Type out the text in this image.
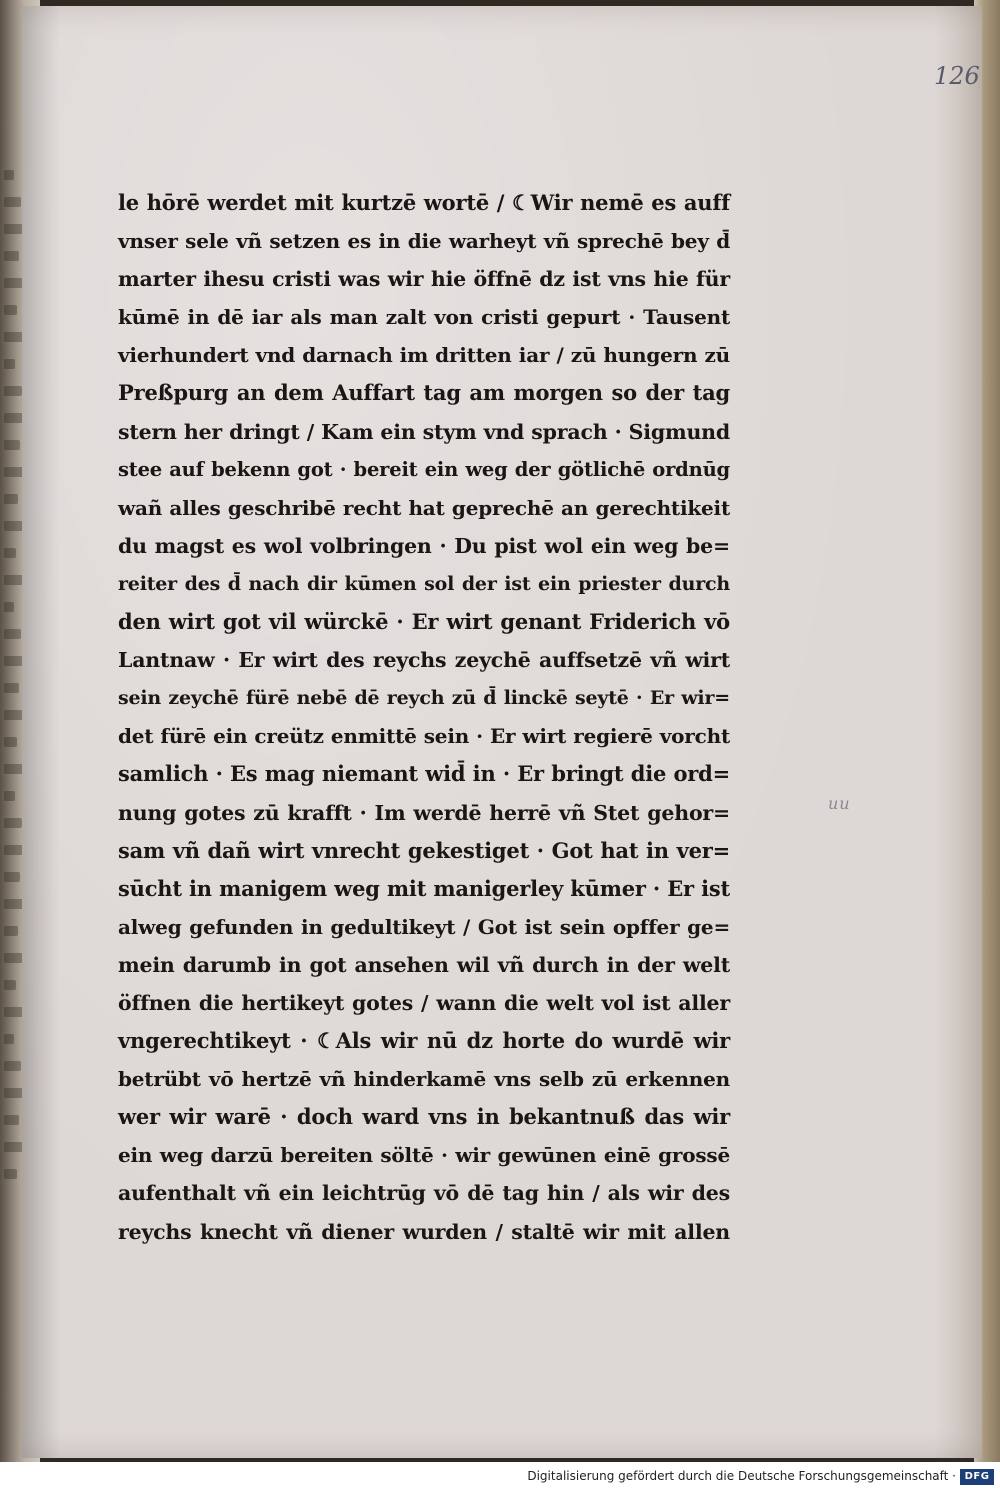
126
uu
le hōrē werdet mit kurtzē wortē / ☾Wir nemē es auff
vnser sele vñ setzen es in die warheyt vñ sprechē bey d̄
marter ihesu cristi was wir hie öffnē dz ist vns hie für
kūmē in dē iar als man zalt von cristi gepurt · Tausent
vierhundert vnd darnach im dritten iar / zū hungern zū
Preßpurg an dem Auffart tag am morgen so der tag
stern her dringt / Kam ein stym vnd sprach · Sigmund
stee auf bekenn got · bereit ein weg der götlichē ordnūg
wañ alles geschribē recht hat geprechē an gerechtikeit
du magst es wol volbringen · Du pist wol ein weg be=
reiter des d̄ nach dir kūmen sol der ist ein priester durch
den wirt got vil würckē · Er wirt genant Friderich vō
Lantnaw · Er wirt des reychs zeychē auffsetzē vñ wirt
sein zeychē fürē nebē dē reych zū d̄ linckē seytē · Er wir=
det fürē ein creütz enmittē sein · Er wirt regierē vorcht
samlich · Es mag niemant wid̄ in · Er bringt die ord=
nung gotes zū krafft · Im werdē herrē vñ Stet gehor=
sam vñ dañ wirt vnrecht gekestiget · Got hat in ver=
sūcht in manigem weg mit manigerley kūmer · Er ist
alweg gefunden in gedultikeyt / Got ist sein opffer ge=
mein darumb in got ansehen wil vñ durch in der welt
öffnen die hertikeyt gotes / wann die welt vol ist aller
vngerechtikeyt · ☾Als wir nū dz horte do wurdē wir
betrübt vō hertzē vñ hinderkamē vns selb zū erkennen
wer wir warē · doch ward vns in bekantnuß das wir
ein weg darzū bereiten söltē · wir gewūnen einē grossē
aufenthalt vñ ein leichtrūg vō dē tag hin / als wir des
reychs knecht vñ diener wurden / staltē wir mit allen
Digitalisierung gefördert durch die Deutsche Forschungsgemeinschaft · DFG
